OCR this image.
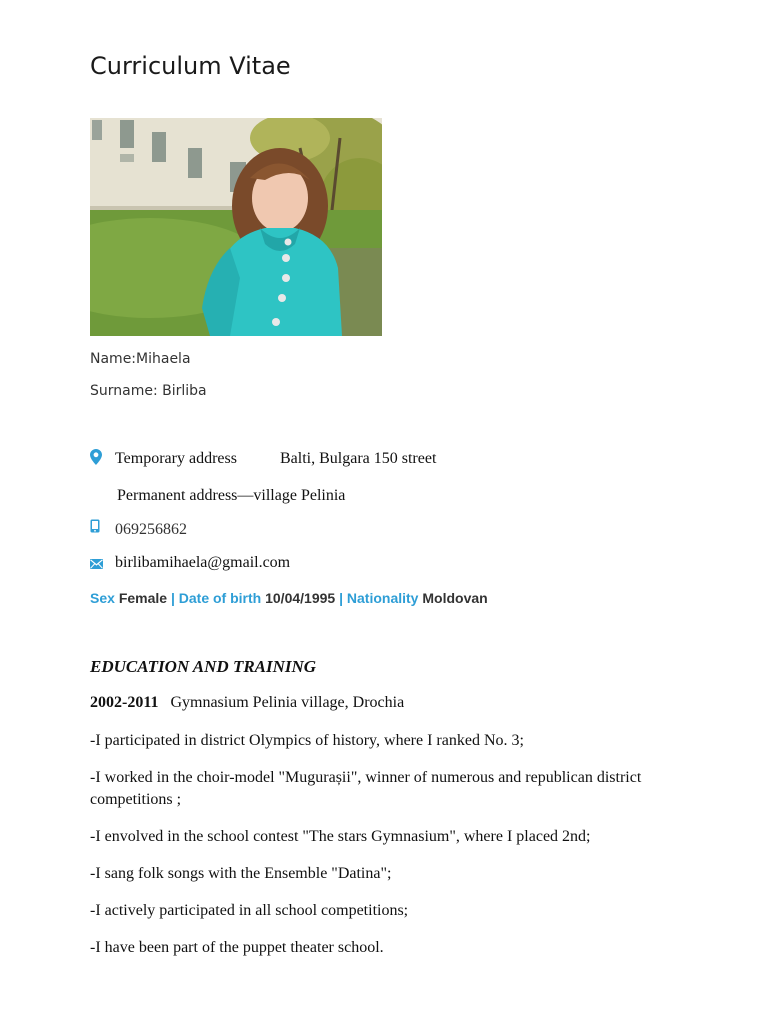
Curriculum Vitae
Name:Mihaela
Surname: Birliba
Temporary address	Balti, Bulgara 150 street
Permanent address—village Pelinia
069256862
birlibamihaela@gmail.com
Sex Female | Date of birth 10/04/1995 | Nationality Moldovan
EDUCATION AND TRAINING
2002-2011 Gymnasium Pelinia village, Drochia
-I participated in district Olympics of history, where I ranked No. 3;
-I worked in the choir-model "Mugurașii", winner of numerous and republican district competitions ;
-I envolved in the school contest "The stars Gymnasium", where I placed 2nd;
-I sang folk songs with the Ensemble "Datina";
-I actively participated in all school competitions;
-I have been part of the puppet theater school.
